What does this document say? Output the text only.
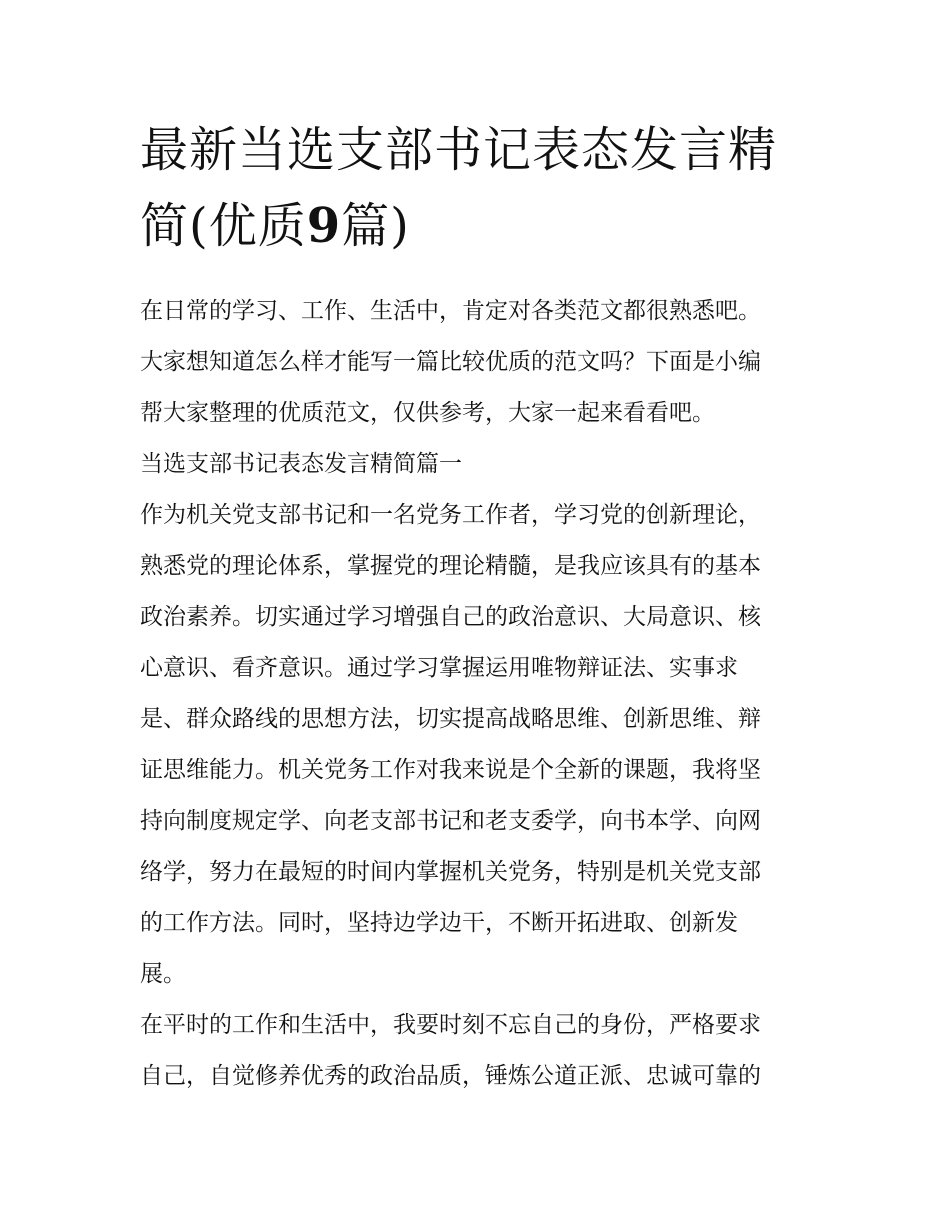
最新当选支部书记表态发言精
简(优质9篇)
在日常的学习、工作、生活中，肯定对各类范文都很熟悉吧。
大家想知道怎么样才能写一篇比较优质的范文吗？下面是小编
帮大家整理的优质范文，仅供参考，大家一起来看看吧。
当选支部书记表态发言精简篇一
作为机关党支部书记和一名党务工作者，学习党的创新理论，
熟悉党的理论体系，掌握党的理论精髓，是我应该具有的基本
政治素养。切实通过学习增强自己的政治意识、大局意识、核
心意识、看齐意识。通过学习掌握运用唯物辩证法、实事求
是、群众路线的思想方法，切实提高战略思维、创新思维、辩
证思维能力。机关党务工作对我来说是个全新的课题，我将坚
持向制度规定学、向老支部书记和老支委学，向书本学、向网
络学，努力在最短的时间内掌握机关党务，特别是机关党支部
的工作方法。同时，坚持边学边干，不断开拓进取、创新发
展。
在平时的工作和生活中，我要时刻不忘自己的身份，严格要求
自己，自觉修养优秀的政治品质，锤炼公道正派、忠诚可靠的
